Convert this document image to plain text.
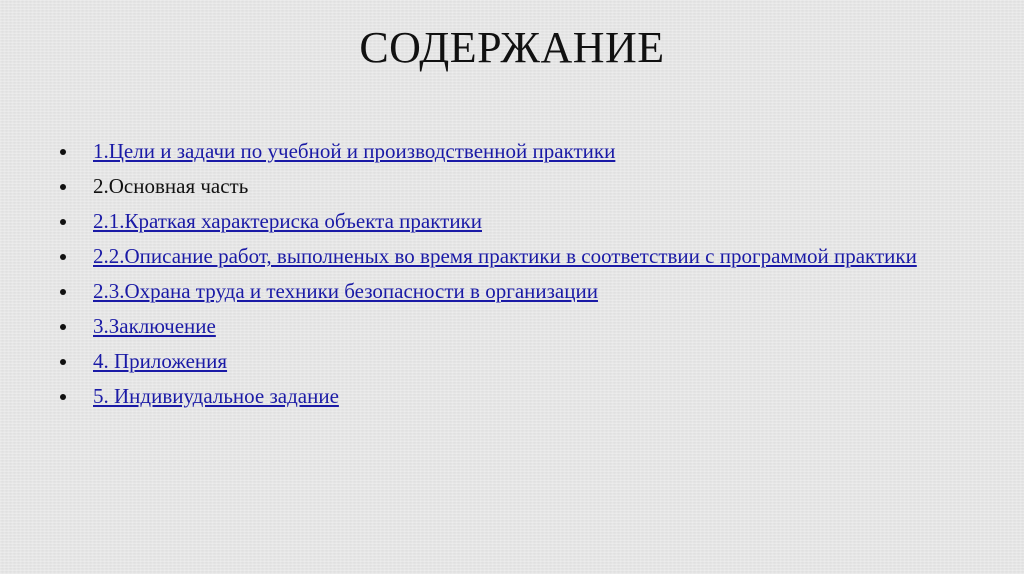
СОДЕРЖАНИЕ
1.Цели и задачи по учебной и производственной практики
2.Основная часть
2.1.Краткая характериска объекта практики
2.2.Описание работ, выполненых во время практики в соответствии с программой практики
2.3.Охрана труда и техники безопасности в организации
3.Заключение
4. Приложения
5. Индивиудальное задание
